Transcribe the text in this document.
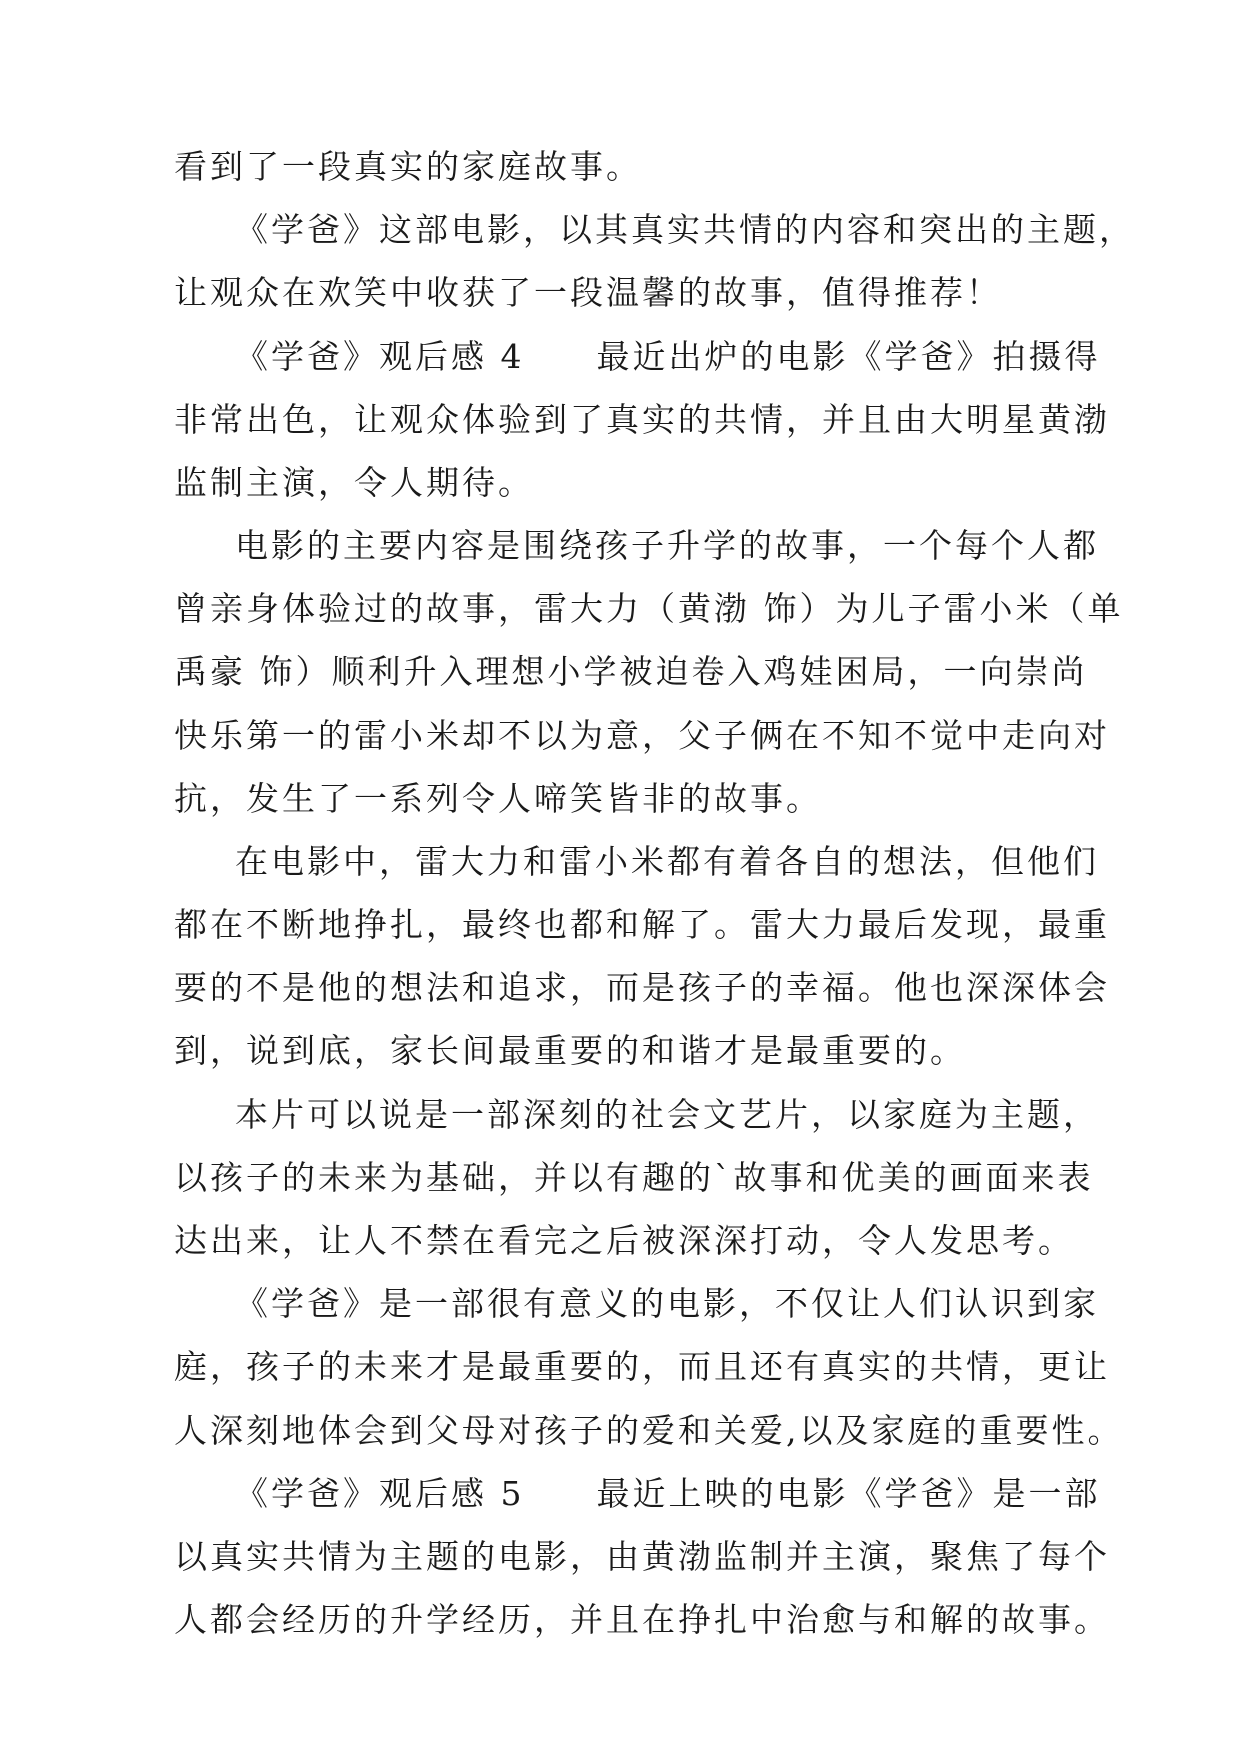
看到了一段真实的家庭故事。
《学爸》这部电影，以其真实共情的内容和突出的主题，
让观众在欢笑中收获了一段温馨的故事，值得推荐！
《学爸》观后感 4　　最近出炉的电影《学爸》拍摄得
非常出色，让观众体验到了真实的共情，并且由大明星黄渤
监制主演，令人期待。
电影的主要内容是围绕孩子升学的故事，一个每个人都
曾亲身体验过的故事，雷大力（黄渤 饰）为儿子雷小米（单
禹豪 饰）顺利升入理想小学被迫卷入鸡娃困局，一向崇尚
快乐第一的雷小米却不以为意，父子俩在不知不觉中走向对
抗，发生了一系列令人啼笑皆非的故事。
在电影中，雷大力和雷小米都有着各自的想法，但他们
都在不断地挣扎，最终也都和解了。雷大力最后发现，最重
要的不是他的想法和追求，而是孩子的幸福。他也深深体会
到，说到底，家长间最重要的和谐才是最重要的。
本片可以说是一部深刻的社会文艺片，以家庭为主题，
以孩子的未来为基础，并以有趣的`故事和优美的画面来表
达出来，让人不禁在看完之后被深深打动，令人发思考。
《学爸》是一部很有意义的电影，不仅让人们认识到家
庭，孩子的未来才是最重要的，而且还有真实的共情，更让
人深刻地体会到父母对孩子的爱和关爱,以及家庭的重要性。
《学爸》观后感 5　　最近上映的电影《学爸》是一部
以真实共情为主题的电影，由黄渤监制并主演，聚焦了每个
人都会经历的升学经历，并且在挣扎中治愈与和解的故事。
